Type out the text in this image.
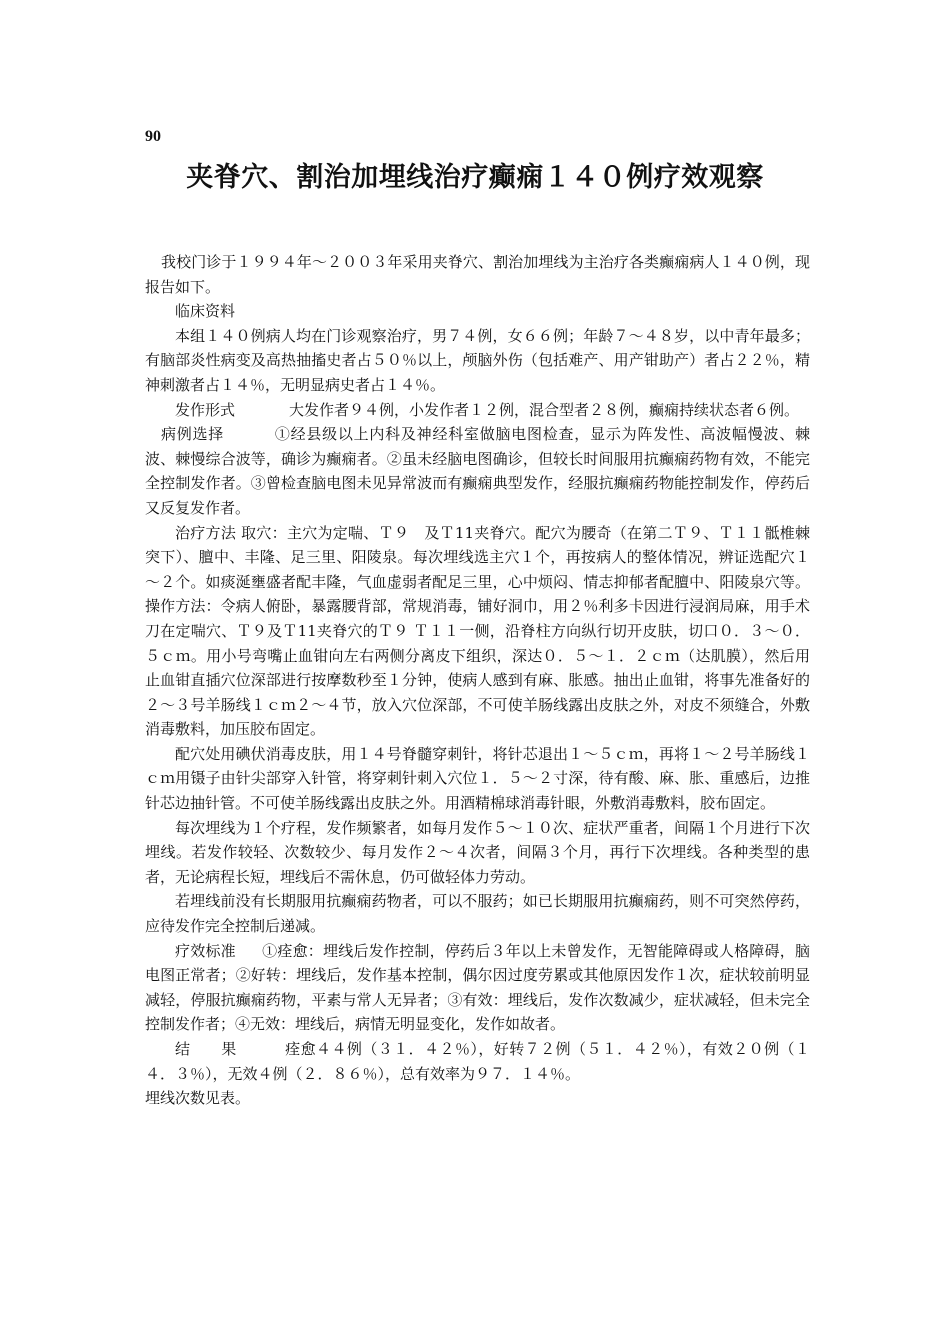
90
夹脊穴、割治加埋线治疗癫痫１４０例疗效观察

我校门诊于１９９４年～２００３年采用夹脊穴、割治加埋线为主治疗各类癫痫病人１４０例，现报告如下。

临床资料

本组１４０例病人均在门诊观察治疗，男７４例，女６６例；年龄７～４８岁，以中青年最多；有脑部炎性病变及高热抽搐史者占５０％以上，颅脑外伤（包括难产、用产钳助产）者占２２％，精神刺激者占１４％，无明显病史者占１４％。

发作形式	大发作者９４例，小发作者１２例，混合型者２８例，癫痫持续状态者６例。

病例选择	①经县级以上内科及神经科室做脑电图检查，显示为阵发性、高波幅慢波、棘波、棘慢综合波等，确诊为癫痫者。②虽未经脑电图确诊，但较长时间服用抗癫痫药物有效，不能完全控制发作者。③曾检查脑电图未见异常波而有癫痫典型发作，经服抗癫痫药物能控制发作，停药后又反复发作者。

治疗方法 取穴：主穴为定喘、Ｔ９　及Ｔ11夹脊穴。配穴为腰奇（在第二Ｔ９、Ｔ１１骶椎棘突下）、膻中、丰隆、足三里、阳陵泉。每次埋线选主穴１个，再按病人的整体情况，辨证选配穴１～２个。如痰涎壅盛者配丰隆，气血虚弱者配足三里，心中烦闷、情志抑郁者配膻中、阳陵泉穴等。操作方法：令病人俯卧，暴露腰背部，常规消毒，铺好洞巾，用２％利多卡因进行浸润局麻，用手术刀在定喘穴、Ｔ９及Ｔ11夹脊穴的Ｔ９ Ｔ１１一侧，沿脊柱方向纵行切开皮肤，切口０．３～０．５ｃｍ。用小号弯嘴止血钳向左右两侧分离皮下组织，深达０．５～１．２ｃｍ（达肌膜），然后用止血钳直插穴位深部进行按摩数秒至１分钟，使病人感到有麻、胀感。抽出止血钳，将事先准备好的２～３号羊肠线１ｃｍ２～４节，放入穴位深部，不可使羊肠线露出皮肤之外，对皮不须缝合，外敷消毒敷料，加压胶布固定。

配穴处用碘伏消毒皮肤，用１４号脊髓穿刺针，将针芯退出１～５ｃｍ，再将１～２号羊肠线１ｃｍ用镊子由针尖部穿入针管，将穿刺针刺入穴位１．５～２寸深，待有酸、麻、胀、重感后，边推针芯边抽针管。不可使羊肠线露出皮肤之外。用酒精棉球消毒针眼，外敷消毒敷料，胶布固定。

每次埋线为１个疗程，发作频繁者，如每月发作５～１０次、症状严重者，间隔１个月进行下次埋线。若发作较轻、次数较少、每月发作２～４次者，间隔３个月，再行下次埋线。各种类型的患者，无论病程长短，埋线后不需休息，仍可做轻体力劳动。

若埋线前没有长期服用抗癫痫药物者，可以不服药；如已长期服用抗癫痫药，则不可突然停药，应待发作完全控制后递减。

疗效标准 ①痊愈：埋线后发作控制，停药后３年以上未曾发作，无智能障碍或人格障碍，脑电图正常者；②好转：埋线后，发作基本控制，偶尔因过度劳累或其他原因发作１次，症状较前明显减轻，停服抗癫痫药物，平素与常人无异者；③有效：埋线后，发作次数减少，症状减轻，但未完全控制发作者；④无效：埋线后，病情无明显变化，发作如故者。

结　　果	痊愈４４例（３１．４２％），好转７２例（５１．４２％），有效２０例（１４．３％），无效４例（２．８６％），总有效率为９７．１４％。

埋线次数见表。
